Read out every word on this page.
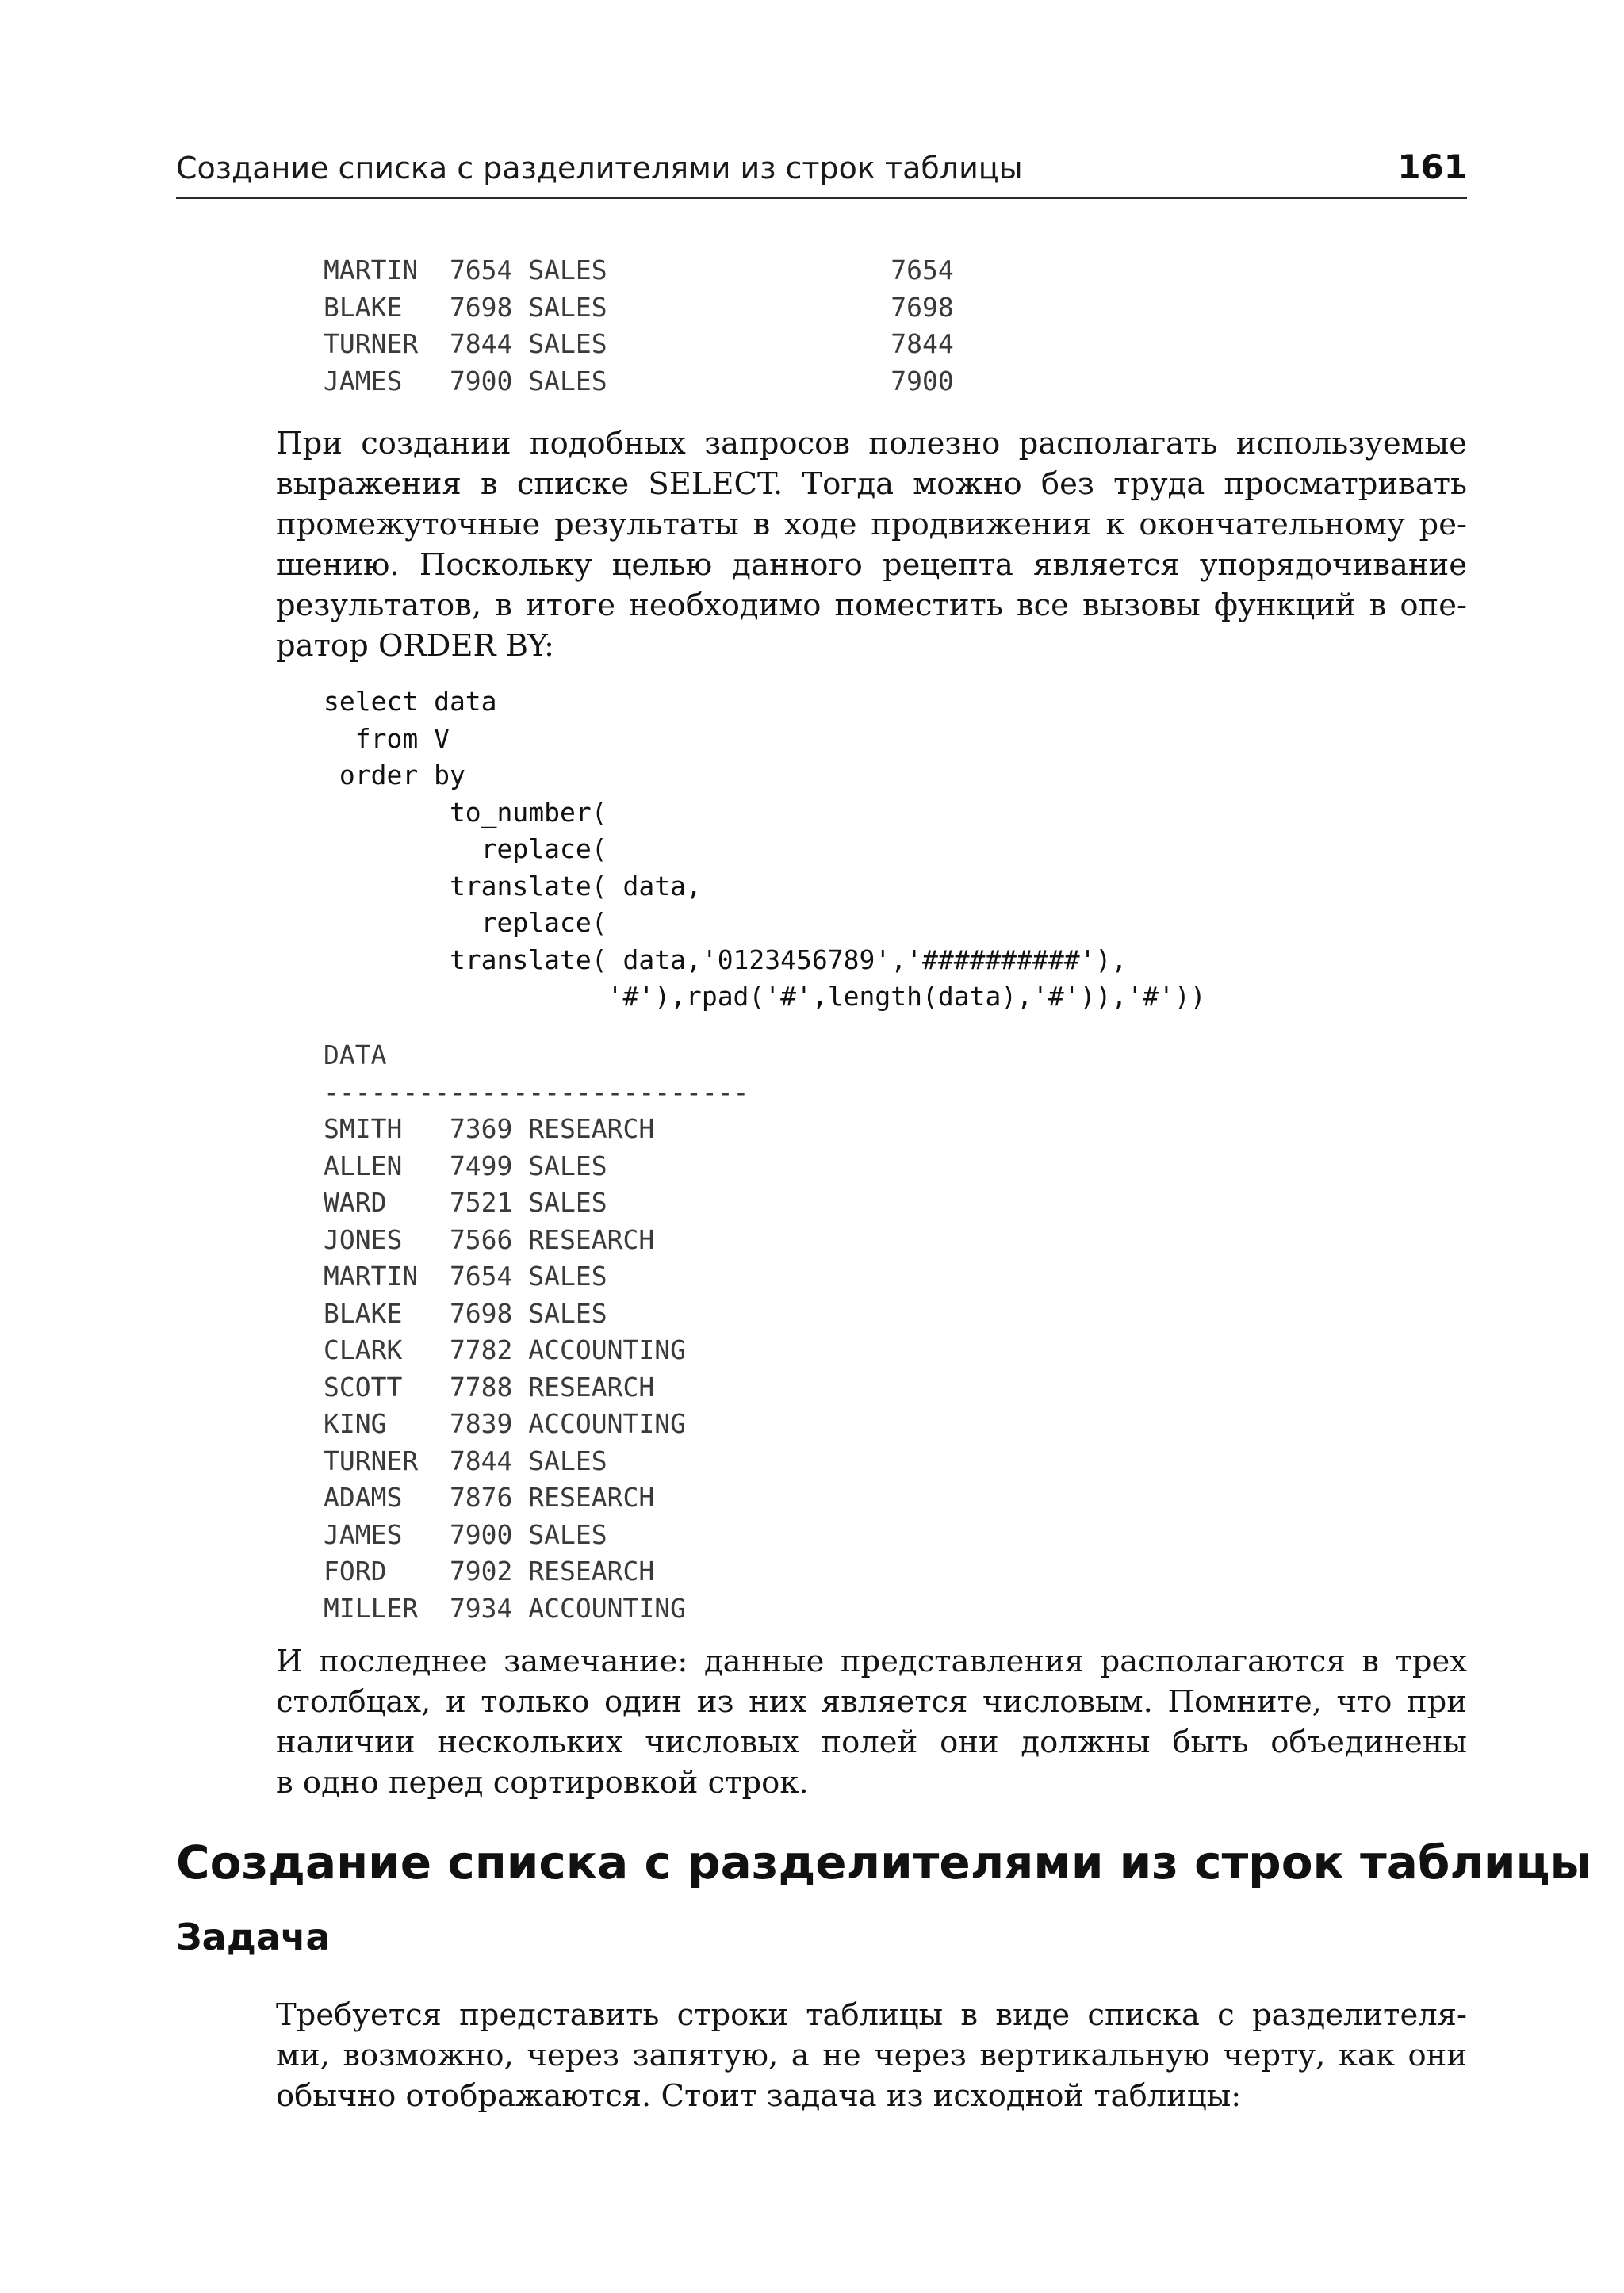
Создание списка с разделителями из строк таблицы	161
MARTIN  7654 SALES                  7654
BLAKE   7698 SALES                  7698
TURNER  7844 SALES                  7844
JAMES   7900 SALES                  7900
При создании подобных запросов полезно располагать используемые
выражения в списке SELECT. Тогда можно без труда просматривать
промежуточные результаты в ходе продвижения к окончательному ре-
шению. Поскольку целью данного рецепта является упорядочивание
результатов, в итоге необходимо поместить все вызовы функций в опе-
ратор ORDER BY:
select data
from V
order by
to_number(
replace(
translate( data,
replace(
translate( data,'0123456789','##########'),
'#'),rpad('#',length(data),'#')),'#'))
DATA
---------------------------
SMITH   7369 RESEARCH
ALLEN   7499 SALES
WARD    7521 SALES
JONES   7566 RESEARCH
MARTIN  7654 SALES
BLAKE   7698 SALES
CLARK   7782 ACCOUNTING
SCOTT   7788 RESEARCH
KING    7839 ACCOUNTING
TURNER  7844 SALES
ADAMS   7876 RESEARCH
JAMES   7900 SALES
FORD    7902 RESEARCH
MILLER  7934 ACCOUNTING
И последнее замечание: данные представления располагаются в трех
столбцах, и только один из них является числовым. Помните, что при
наличии нескольких числовых полей они должны быть объединены
в одно перед сортировкой строк.
Создание списка с разделителями из строк таблицы
Задача
Требуется представить строки таблицы в виде списка с разделителя-
ми, возможно, через запятую, а не через вертикальную черту, как они
обычно отображаются. Стоит задача из исходной таблицы:
